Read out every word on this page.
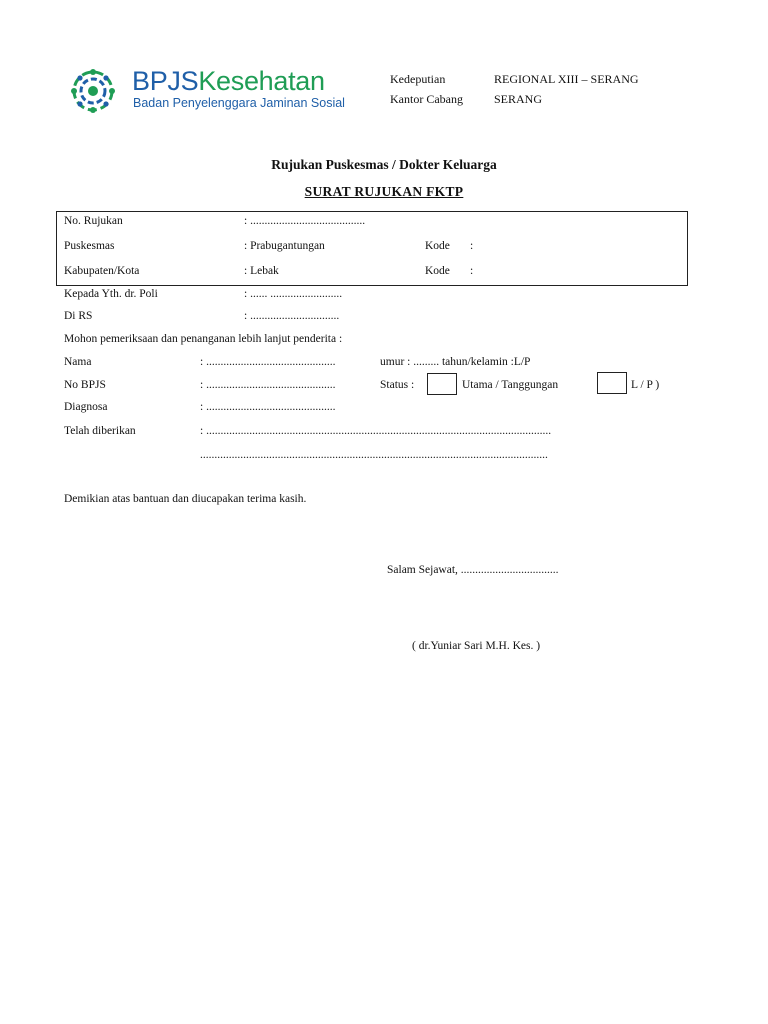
BPJSKesehatan
Badan Penyelenggara Jaminan Sosial
Kedeputian	REGIONAL XIII – SERANG
Kantor Cabang	SERANG
Rujukan Puskesmas / Dokter Keluarga
SURAT RUJUKAN FKTP
No. Rujukan	: ........................................
Puskesmas	: Prabugantungan	Kode :
Kabupaten/Kota	: Lebak	Kode :
Kepada Yth. dr. Poli	: ...... .........................
Di RS	: ...............................
Mohon pemeriksaan dan penanganan lebih lanjut penderita :
Nama	: .............................................	umur : ......... tahun/kelamin :L/P
No BPJS	: .............................................	Status :	Utama / Tanggungan	L / P )
Diagnosa	: .............................................
Telah diberikan	: ........................................................................................................................
.........................................................................................................................
Demikian atas bantuan dan diucapakan terima kasih.
Salam Sejawat, ..................................
( dr.Yuniar Sari M.H. Kes. )
